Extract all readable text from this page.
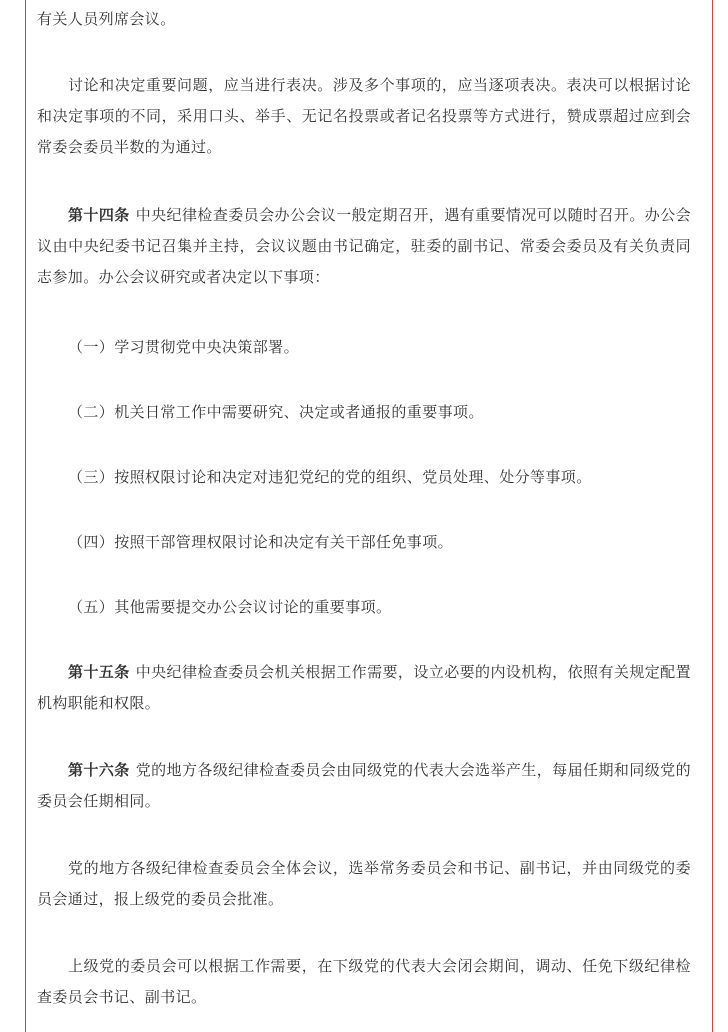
有关人员列席会议。

讨论和决定重要问题，应当进行表决。涉及多个事项的，应当逐项表决。表决可以根据讨论和决定事项的不同，采用口头、举手、无记名投票或者记名投票等方式进行，赞成票超过应到会常委会委员半数的为通过。

第十四条 中央纪律检查委员会办公会议一般定期召开，遇有重要情况可以随时召开。办公会议由中央纪委书记召集并主持，会议议题由书记确定，驻委的副书记、常委会委员及有关负责同志参加。办公会议研究或者决定以下事项：

（一）学习贯彻党中央决策部署。

（二）机关日常工作中需要研究、决定或者通报的重要事项。

（三）按照权限讨论和决定对违犯党纪的党的组织、党员处理、处分等事项。

（四）按照干部管理权限讨论和决定有关干部任免事项。

（五）其他需要提交办公会议讨论的重要事项。

第十五条 中央纪律检查委员会机关根据工作需要，设立必要的内设机构，依照有关规定配置机构职能和权限。

第十六条 党的地方各级纪律检查委员会由同级党的代表大会选举产生，每届任期和同级党的委员会任期相同。

党的地方各级纪律检查委员会全体会议，选举常务委员会和书记、副书记，并由同级党的委员会通过，报上级党的委员会批准。

上级党的委员会可以根据工作需要，在下级党的代表大会闭会期间，调动、任免下级纪律检查委员会书记、副书记。
